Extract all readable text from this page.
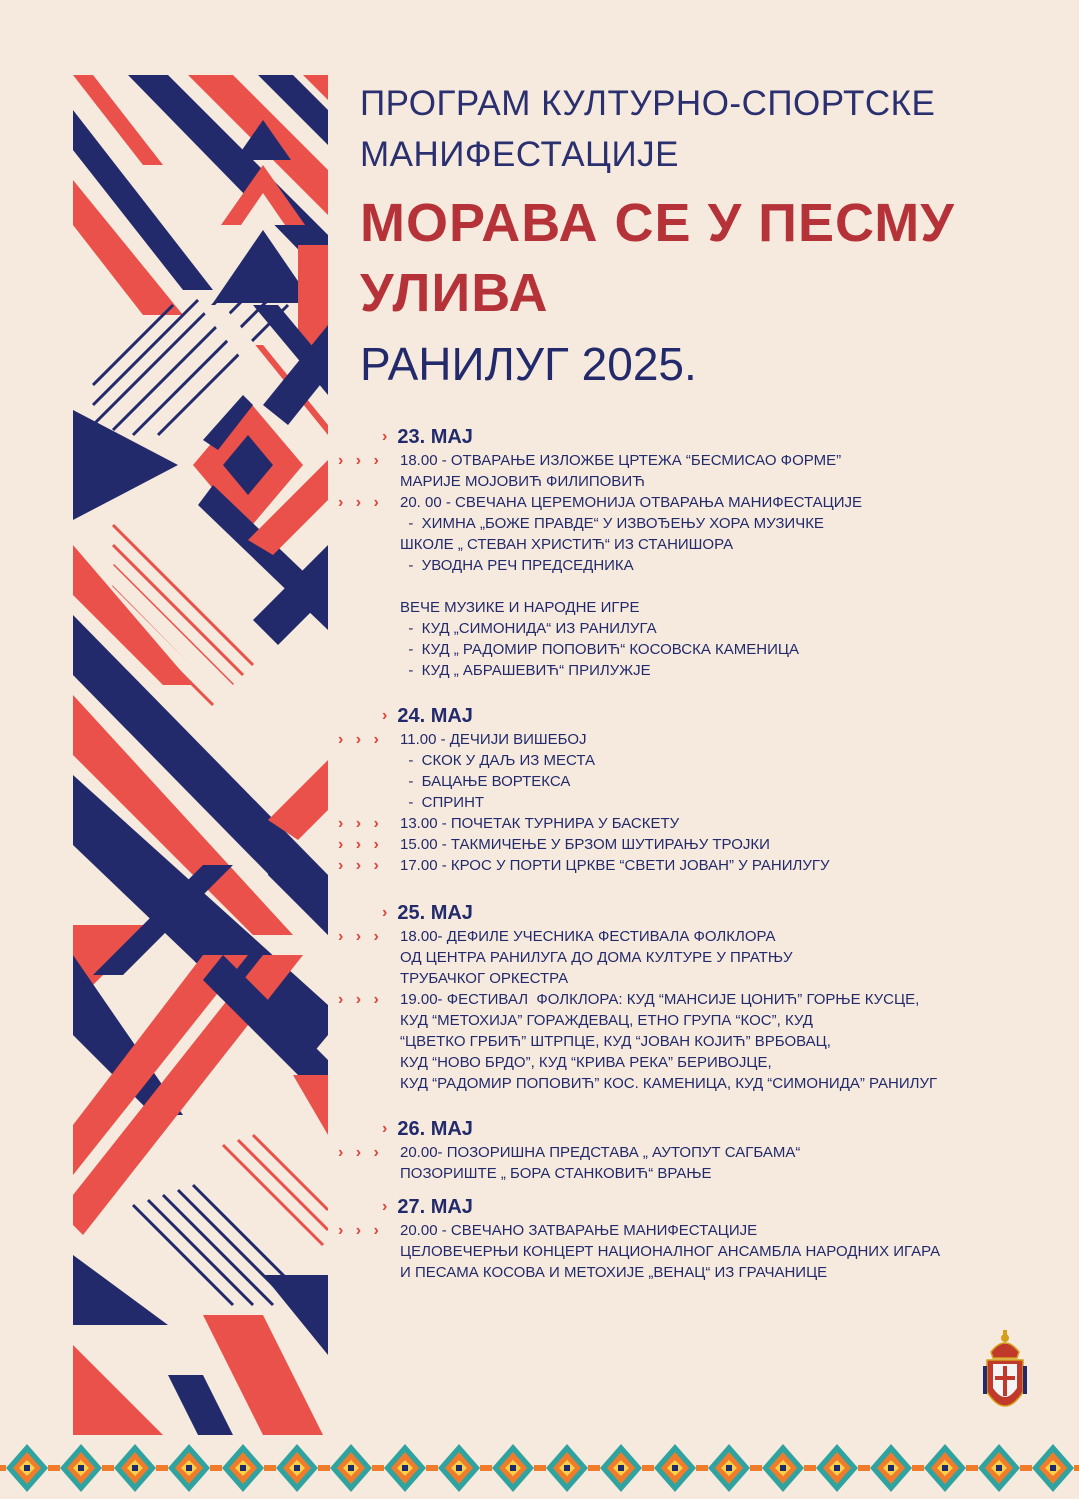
ПРОГРАМ КУЛТУРНО-СПОРТСКЕ
МАНИФЕСТАЦИЈЕ
МОРАВА СЕ У ПЕСМУ
УЛИВА
РАНИЛУГ 2025.
› 23. МАЈ
› › › 18.00 - ОТВАРАЊЕ ИЗЛОЖБЕ ЦРТЕЖА “БЕСМИСАО ФОРМЕ”
МАРИЈЕ МОЈОВИЋ ФИЛИПОВИЋ
› › › 20. 00 - СВЕЧАНА ЦЕРЕМОНИЈА ОТВАРАЊА МАНИФЕСТАЦИЈЕ
-  ХИМНА „БОЖЕ ПРАВДЕ“ У ИЗВОЂЕЊУ ХОРА МУЗИЧКЕ
ШКОЛЕ „ СТЕВАН ХРИСТИЋ“ ИЗ СТАНИШОРА
-  УВОДНА РЕЧ ПРЕДСЕДНИКА
ВЕЧЕ МУЗИКЕ И НАРОДНЕ ИГРЕ
-  КУД „СИМОНИДА“ ИЗ РАНИЛУГА
-  КУД „ РАДОМИР ПОПОВИЋ“ КОСОВСКА КАМЕНИЦА
-  КУД „ АБРАШЕВИЋ“ ПРИЛУЖЈЕ
› 24. МАЈ
› › › 11.00 - ДЕЧИЈИ ВИШЕБОЈ
-  СКОК У ДАЉ ИЗ МЕСТА
-  БАЦАЊЕ ВОРТЕКСА
-  СПРИНТ
› › › 13.00 - ПОЧЕТАК ТУРНИРА У БАСКЕТУ
› › › 15.00 - ТАКМИЧЕЊЕ У БРЗОМ ШУТИРАЊУ ТРОЈКИ
› › › 17.00 - КРОС У ПОРТИ ЦРКВЕ “СВЕТИ ЈОВАН” У РАНИЛУГУ
› 25. МАЈ
› › › 18.00- ДЕФИЛЕ УЧЕСНИКА ФЕСТИВАЛА ФОЛКЛОРА
ОД ЦЕНТРА РАНИЛУГА ДО ДОМА КУЛТУРЕ У ПРАТЊУ
ТРУБАЧКОГ ОРКЕСТРА
› › › 19.00- ФЕСТИВАЛ  ФОЛКЛОРА: КУД “МАНСИЈЕ ЦОНИЋ” ГОРЊЕ КУСЦЕ,
КУД “МЕТОХИЈА” ГОРАЖДЕВАЦ, ЕТНО ГРУПА “КОС”, КУД
“ЦВЕТКО ГРБИЋ” ШТРПЦЕ, КУД “ЈОВАН КОЈИЋ” ВРБОВАЦ,
КУД “НОВО БРДО”, КУД “КРИВА РЕКА” БЕРИВОЈЦЕ,
КУД “РАДОМИР ПОПОВИЋ” КОС. КАМЕНИЦА, КУД “СИМОНИДА” РАНИЛУГ
› 26. МАЈ
› › › 20.00- ПОЗОРИШНА ПРЕДСТАВА „ АУТОПУТ САГБАМА“
ПОЗОРИШТЕ „ БОРА СТАНКОВИЋ“ ВРАЊЕ
› 27. МАЈ
› › › 20.00 - СВЕЧАНО ЗАТВАРАЊЕ МАНИФЕСТАЦИЈЕ
ЦЕЛОВЕЧЕРЊИ КОНЦЕРТ НАЦИОНАЛНОГ АНСАМБЛА НАРОДНИХ ИГАРА
И ПЕСАМА КОСОВА И МЕТОХИЈЕ „ВЕНАЦ“ ИЗ ГРАЧАНИЦЕ
